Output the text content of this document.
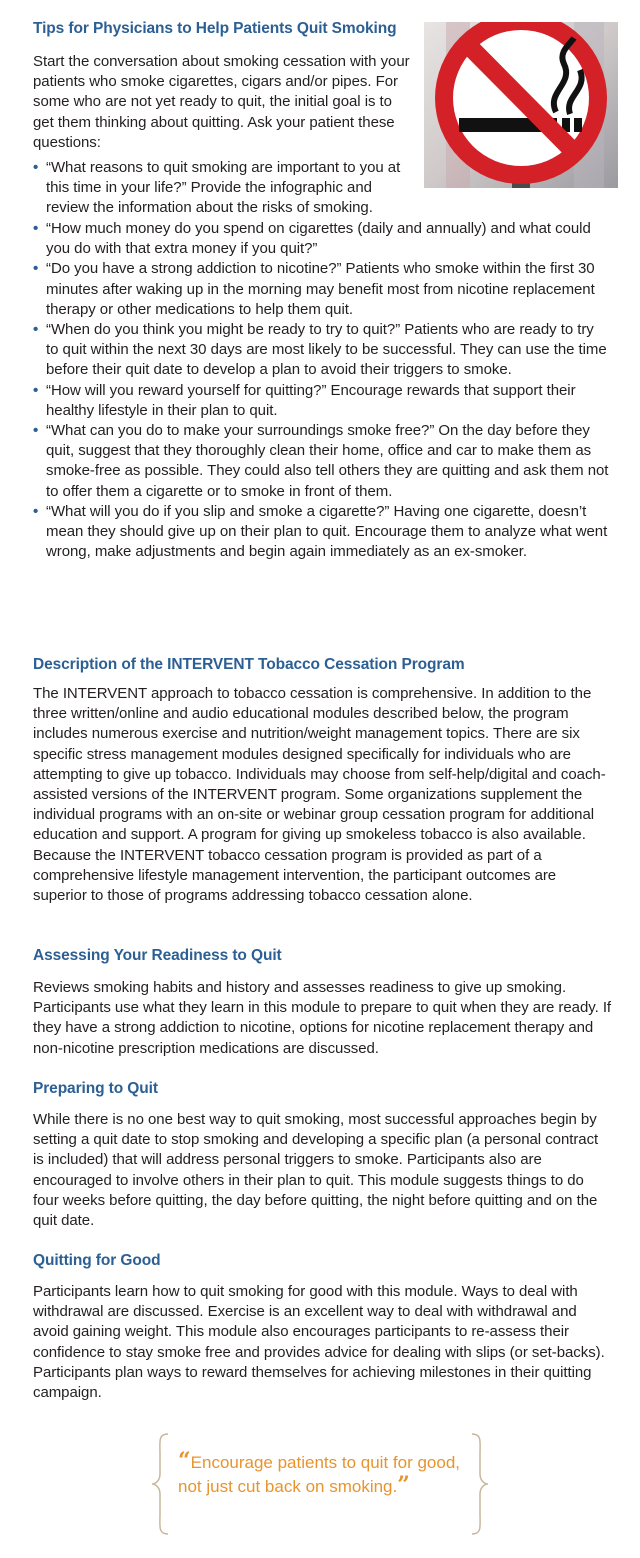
Tips for Physicians to Help Patients Quit Smoking

Start the conversation about smoking cessation with your patients who smoke cigarettes, cigars and/or pipes. For some who are not yet ready to quit, the initial goal is to get them thinking about quitting. Ask your patient these questions:

• “What reasons to quit smoking are important to you at this time in your life?” Provide the infographic and review the information about the risks of smoking.
• “How much money do you spend on cigarettes (daily and annually) and what could you do with that extra money if you quit?”
• “Do you have a strong addiction to nicotine?” Patients who smoke within the first 30 minutes after waking up in the morning may benefit most from nicotine replacement therapy or other medications to help them quit.
• “When do you think you might be ready to try to quit?” Patients who are ready to try to quit within the next 30 days are most likely to be successful. They can use the time before their quit date to develop a plan to avoid their triggers to smoke.
• “How will you reward yourself for quitting?” Encourage rewards that support their healthy lifestyle in their plan to quit.
• “What can you do to make your surroundings smoke free?” On the day before they quit, suggest that they thoroughly clean their home, office and car to make them as smoke-free as possible. They could also tell others they are quitting and ask them not to offer them a cigarette or to smoke in front of them.
• “What will you do if you slip and smoke a cigarette?” Having one cigarette, doesn’t mean they should give up on their plan to quit. Encourage them to analyze what went wrong, make adjustments and begin again immediately as an ex-smoker.
Description of the INTERVENT Tobacco Cessation Program

The INTERVENT approach to tobacco cessation is comprehensive. In addition to the three written/online and audio educational modules described below, the program includes numerous exercise and nutrition/weight management topics. There are six specific stress management modules designed specifically for individuals who are attempting to give up tobacco. Individuals may choose from self-help/digital and coach-assisted versions of the INTERVENT program. Some organizations supplement the individual programs with an on-site or webinar group cessation program for additional education and support. A program for giving up smokeless tobacco is also available. Because the INTERVENT tobacco cessation program is provided as part of a comprehensive lifestyle management intervention, the participant outcomes are superior to those of programs addressing tobacco cessation alone.

Assessing Your Readiness to Quit

Reviews smoking habits and history and assesses readiness to give up smoking. Participants use what they learn in this module to prepare to quit when they are ready. If they have a strong addiction to nicotine, options for nicotine replacement therapy and non-nicotine prescription medications are discussed.

Preparing to Quit

While there is no one best way to quit smoking, most successful approaches begin by setting a quit date to stop smoking and developing a specific plan (a personal contract is included) that will address personal triggers to smoke. Participants also are encouraged to involve others in their plan to quit. This module suggests things to do four weeks before quitting, the day before quitting, the night before quitting and on the quit date.

Quitting for Good

Participants learn how to quit smoking for good with this module. Ways to deal with withdrawal are discussed. Exercise is an excellent way to deal with withdrawal and avoid gaining weight. This module also encourages participants to re-assess their confidence to stay smoke free and provides advice for dealing with slips (or set-backs). Participants plan ways to reward themselves for achieving milestones in their quitting campaign.

“Encourage patients to quit for good,
not just cut back on smoking.”
